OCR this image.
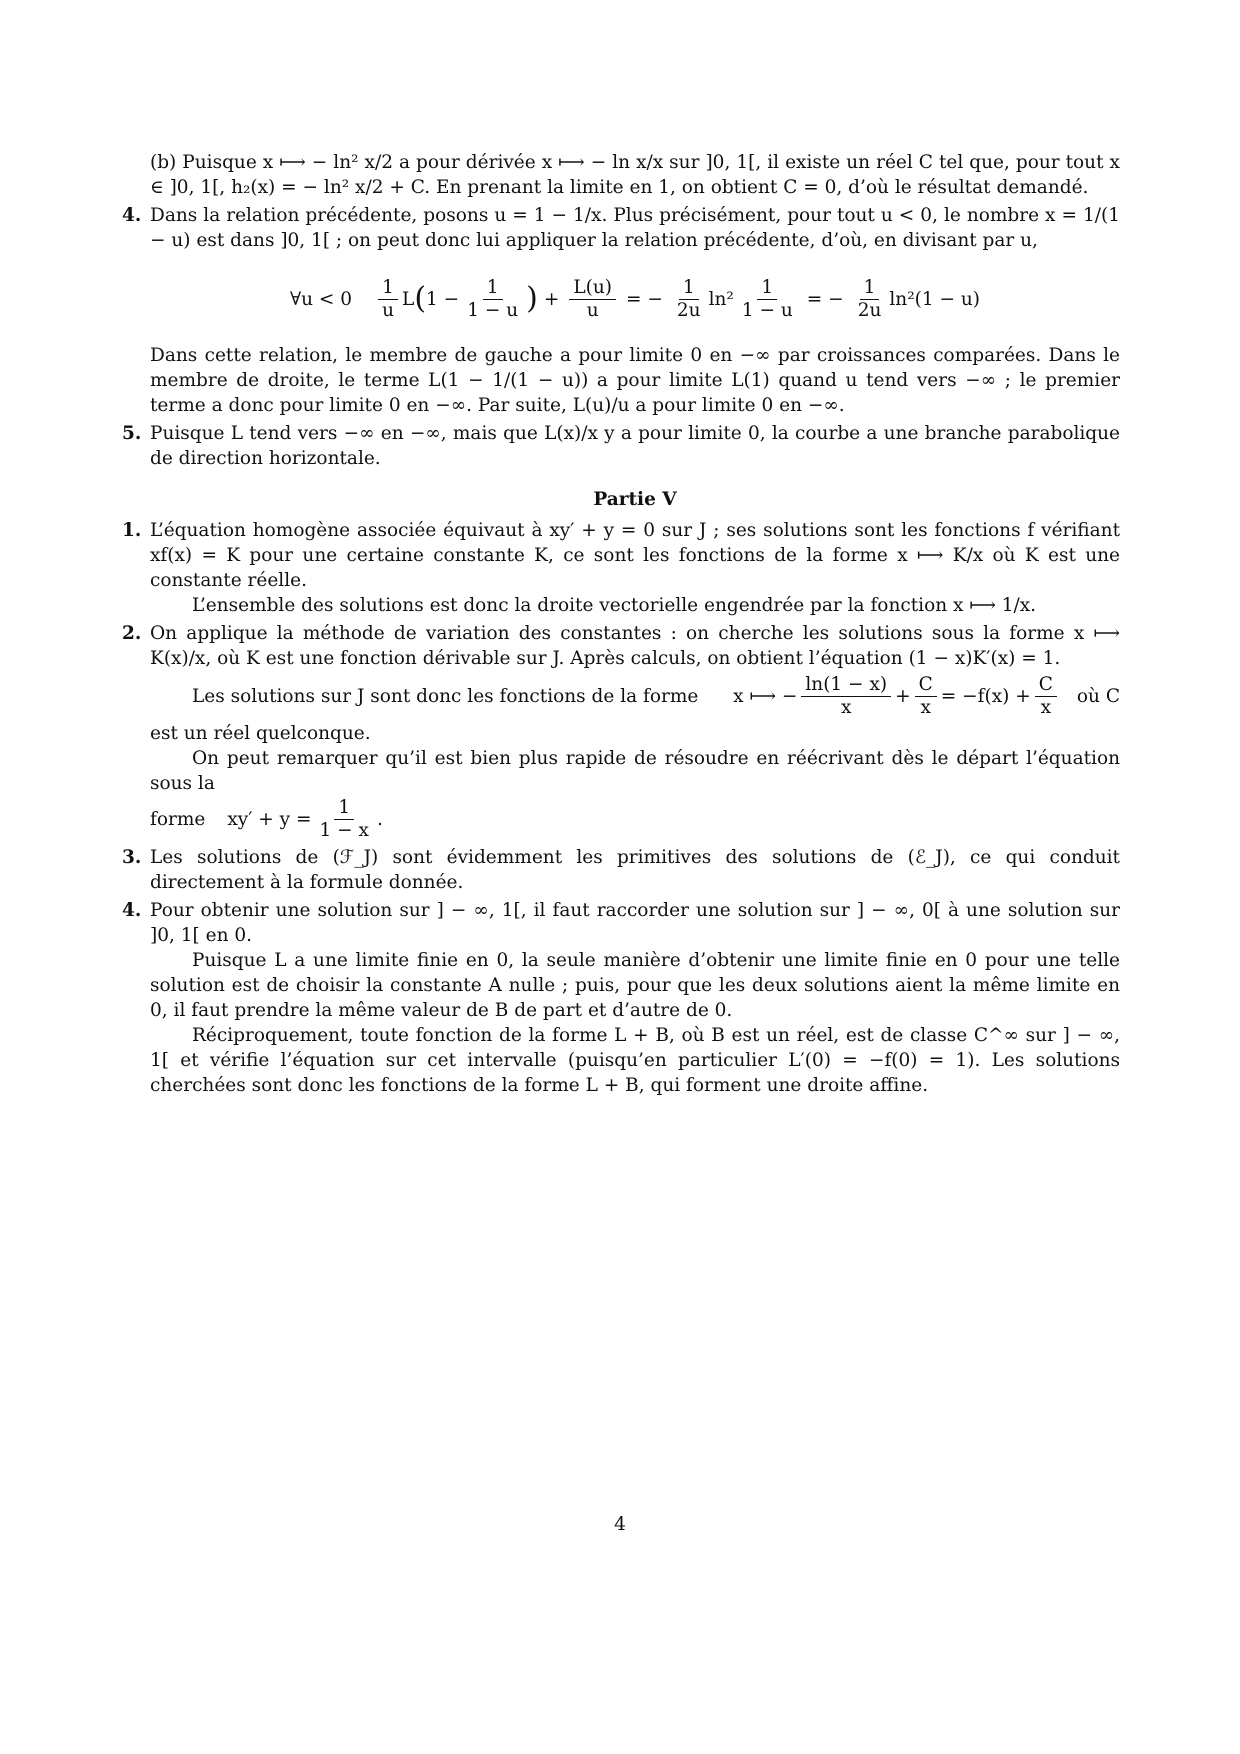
(b) Puisque x ⟼ − ln² x/2 a pour dérivée x ⟼ − ln x/x sur ]0, 1[, il existe un réel C tel que, pour tout x ∈ ]0, 1[, h₂(x) = − ln² x/2 + C. En prenant la limite en 1, on obtient C = 0, d’où le résultat demandé.

4. Dans la relation précédente, posons u = 1 − 1/x. Plus précisément, pour tout u < 0, le nombre x = 1/(1 − u) est dans ]0, 1[ ; on peut donc lui appliquer la relation précédente, d’où, en divisant par u,

∀u < $0 \frac{1}{u}$ L ( $1 - \frac{1}{1 - u}$ ) + $\frac{L(u)}{u}$ = − $\frac{1}{2u} \ln^2 \frac{1}{1 - u}$ = − $\frac{1}{2u} \ln^2(1 - u)$

Dans cette relation, le membre de gauche a pour limite 0 en −∞ par croissances comparées. Dans le membre de droite, le terme L(1 − 1/(1 − u)) a pour limite L(1) quand u tend vers −∞ ; le premier terme a donc pour limite 0 en −∞. Par suite, L(u)/u a pour limite 0 en −∞.

5. Puisque L tend vers −∞ en −∞, mais que L(x)/x y a pour limite 0, la courbe a une branche parabolique de direction horizontale.

Partie V
1. L’équation homogène associée équivaut à xy′ + y = 0 sur J ; ses solutions sont les fonctions f vérifiant xf(x) = K pour une certaine constante K, ce sont les fonctions de la forme x ⟼ K/x où K est une constante réelle.

L’ensemble des solutions est donc la droite vectorielle engendrée par la fonction x ⟼ 1/x.

2. On applique la méthode de variation des constantes : on cherche les solutions sous la forme x ⟼ K(x)/x, où K est une fonction dérivable sur J. Après calculs, on obtient l’équation (1 − x)K′(x) = 1.

Les solutions sur J sont donc les fonctions de la forme x ⟼ − $\frac{\ln(1 - x)}{x} + \frac{C}{x} = -f(x) + \frac{C}{x}$ où C

est un réel quelconque.

On peut remarquer qu’il est bien plus rapide de résoudre en réécrivant dès le départ l’équation sous la

forme $xy' + y = \frac{1}{1 - x}$ .
3. Les solutions de (ℱ_J) sont évidemment les primitives des solutions de (ℰ_J), ce qui conduit directement à la formule donnée.

4. Pour obtenir une solution sur ] − ∞, 1[, il faut raccorder une solution sur ] − ∞, 0[ à une solution sur ]0, 1[ en 0.

Puisque L a une limite finie en 0, la seule manière d’obtenir une limite finie en 0 pour une telle solution est de choisir la constante A nulle ; puis, pour que les deux solutions aient la même limite en 0, il faut prendre la même valeur de B de part et d’autre de 0.

Réciproquement, toute fonction de la forme L + B, où B est un réel, est de classe C^∞ sur ] − ∞, 1[ et vérifie l’équation sur cet intervalle (puisqu’en particulier L′(0) = −f(0) = 1). Les solutions cherchées sont donc les fonctions de la forme L + B, qui forment une droite affine.

4
